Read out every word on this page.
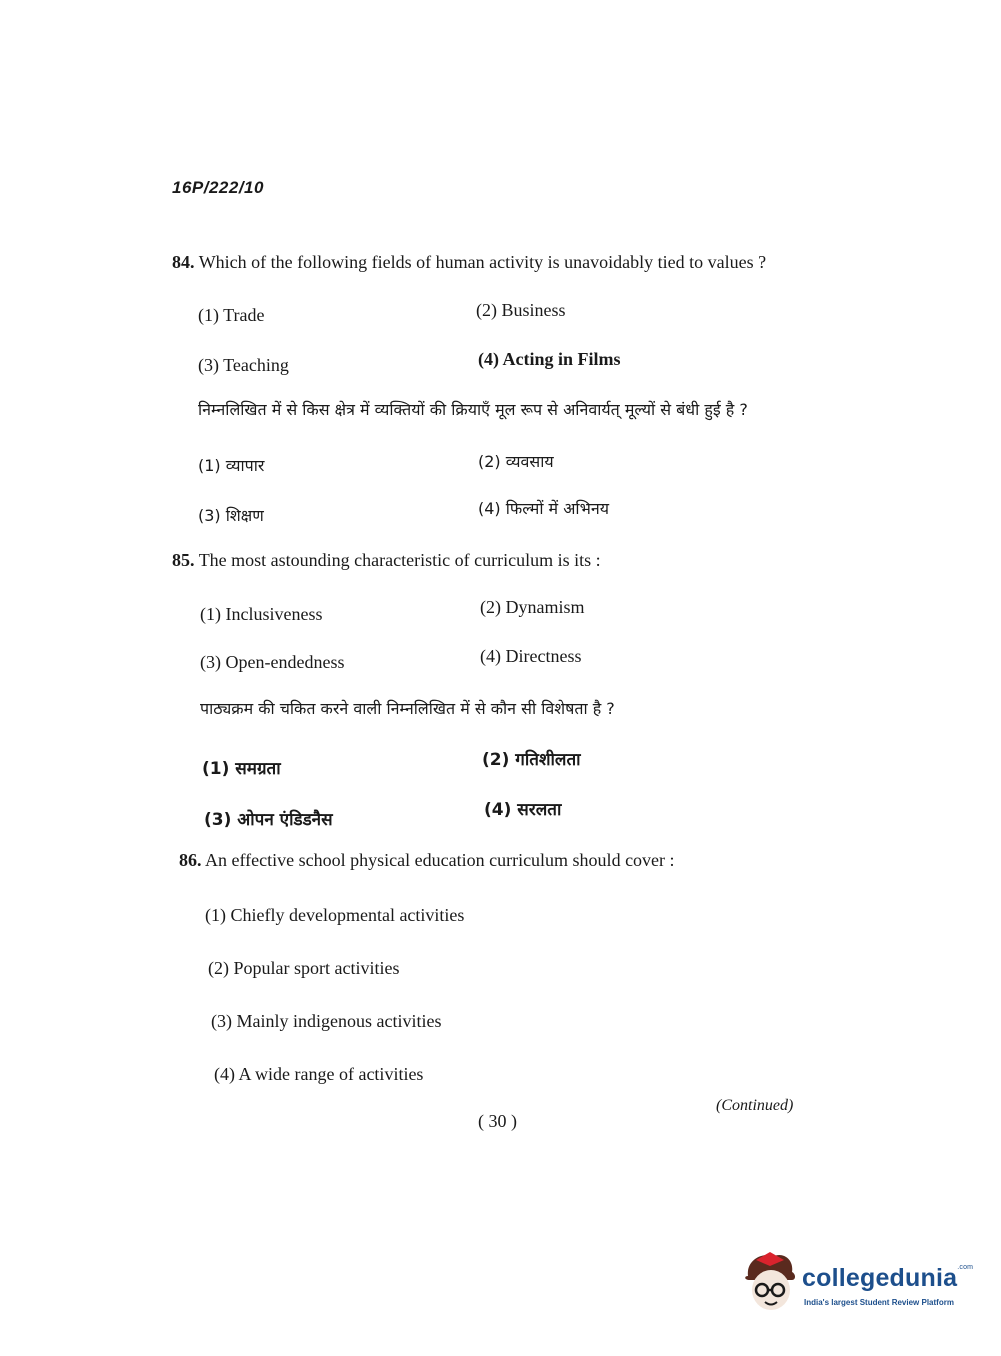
16P/222/10
84. Which of the following fields of human activity is unavoidably tied to values ?
(1) Trade	(2) Business
(3) Teaching	(4) Acting in Films
निम्नलिखित में से किस क्षेत्र में व्यक्तियों की क्रियाएँ मूल रूप से अनिवार्यत् मूल्यों से बंधी हुई है ?
(1) व्यापार	(2) व्यवसाय
(3) शिक्षण	(4) फिल्मों में अभिनय
85. The most astounding characteristic of curriculum is its :
(1) Inclusiveness	(2) Dynamism
(3) Open-endedness	(4) Directness
पाठ्यक्रम की चकित करने वाली निम्नलिखित में से कौन सी विशेषता है ?
(1) समग्रता	(2) गतिशीलता
(3) ओपन एंडिडनैस	(4) सरलता
86. An effective school physical education curriculum should cover :
(1) Chiefly developmental activities
(2) Popular sport activities
(3) Mainly indigenous activities
(4) A wide range of activities
( 30 )
(Continued)
collegedunia$^{.com}$
India's largest Student Review Platform
